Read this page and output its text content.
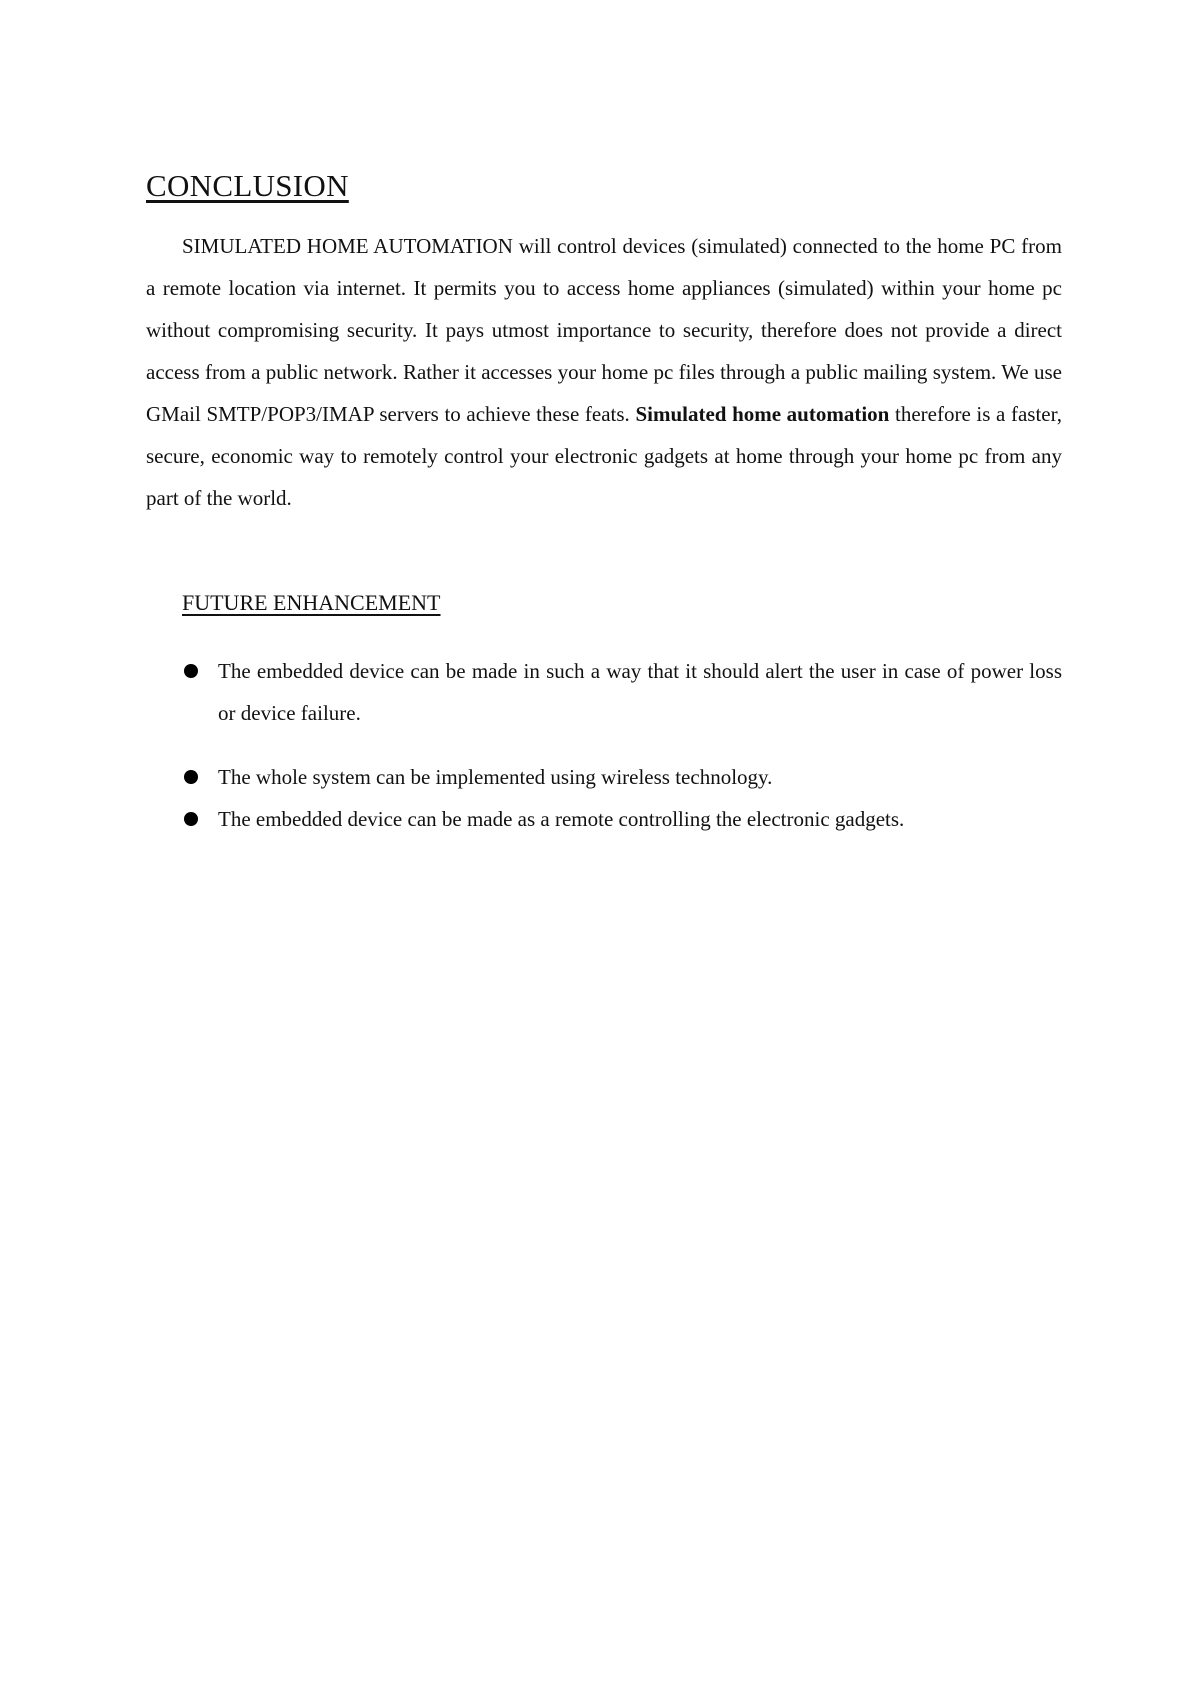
CONCLUSION

SIMULATED HOME AUTOMATION will control devices (simulated) connected to the home PC from a remote location via internet. It permits you to access home appliances (simulated) within your home pc without compromising security. It pays utmost importance to security, therefore does not provide a direct access from a public network. Rather it accesses your home pc files through a public mailing system. We use GMail SMTP/POP3/IMAP servers to achieve these feats. Simulated home automation therefore is a faster, secure, economic way to remotely control your electronic gadgets at home through your home pc from any part of the world.

FUTURE ENHANCEMENT
The embedded device can be made in such a way that it should alert the user in case of power loss or device failure.
The whole system can be implemented using wireless technology.
The embedded device can be made as a remote controlling the electronic gadgets.
